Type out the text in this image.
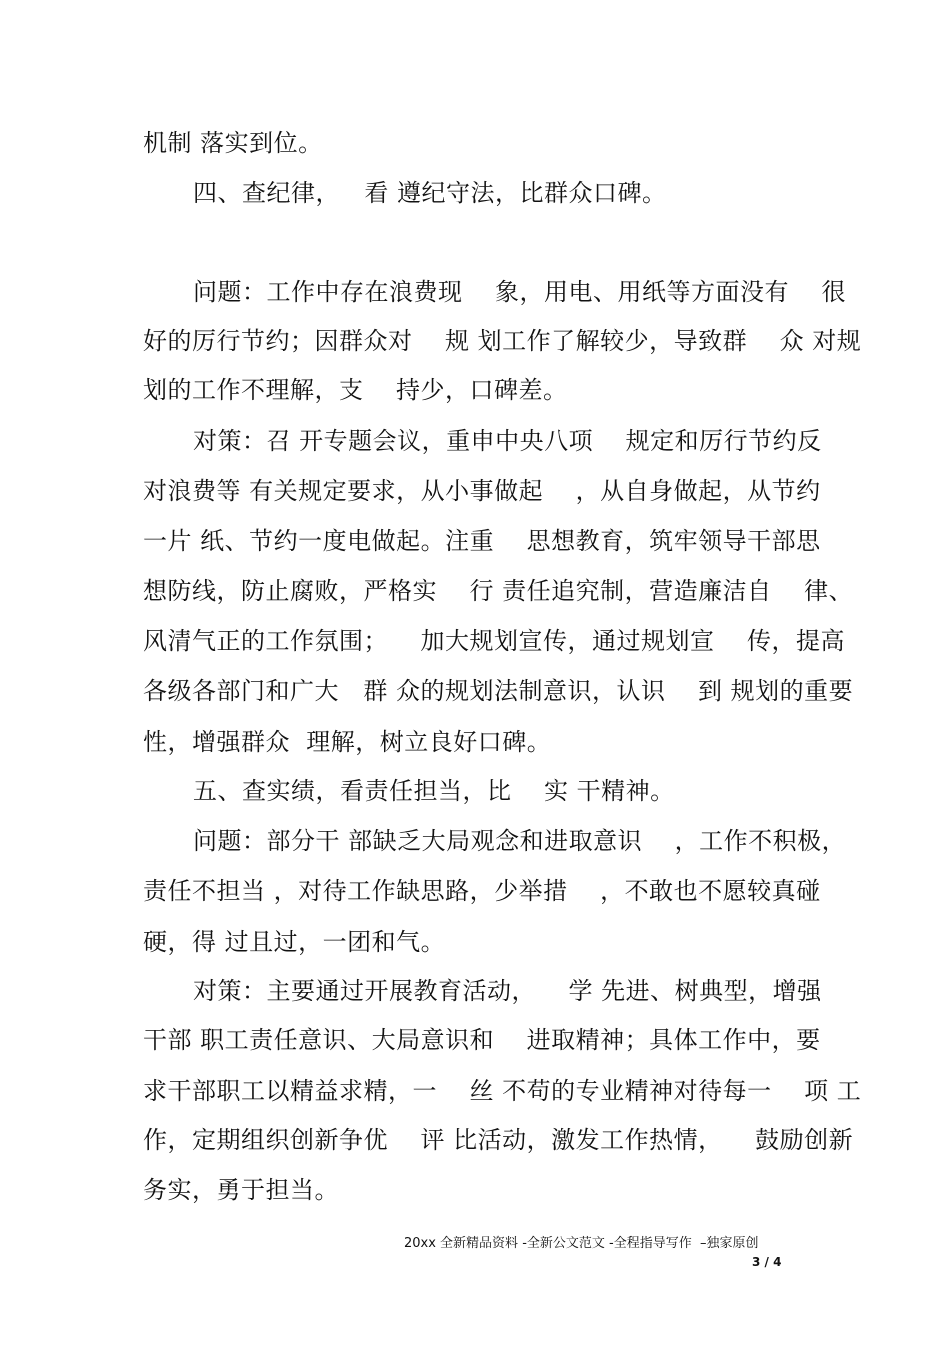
机制 落实到位。
四、查纪律，   看 遵纪守法，比群众口碑。
问题：工作中存在浪费现    象，用电、用纸等方面没有    很
好的厉行节约；因群众对    规 划工作了解较少，导致群    众 对规
划的工作不理解，支    持少，口碑差。
对策：召 开专题会议，重申中央八项    规定和厉行节约反
对浪费等 有关规定要求，从小事做起    ，从自身做起，从节约
一片 纸、节约一度电做起。注重    思想教育，筑牢领导干部思
想防线，防止腐败，严格实    行 责任追究制，营造廉洁自    律、
风清气正的工作氛围；    加大规划宣传，通过规划宣    传，提高
各级各部门和广大   群 众的规划法制意识，认识    到 规划的重要
性，增强群众  理解，树立良好口碑。
五、查实绩，看责任担当，比    实 干精神。
问题：部分干 部缺乏大局观念和进取意识    ，工作不积极，
责任不担当 ，对待工作缺思路，少举措    ，不敢也不愿较真碰
硬，得 过且过，一团和气。
对策：主要通过开展教育活动，    学 先进、树典型，增强
干部 职工责任意识、大局意识和    进取精神；具体工作中，要
求干部职工以精益求精，一    丝 不苟的专业精神对待每一    项 工
作，定期组织创新争优    评 比活动，激发工作热情，    鼓励创新
务实，勇于担当。
20xx 全新精品资料 -全新公文范文 -全程指导写作  –独家原创
3 / 4
